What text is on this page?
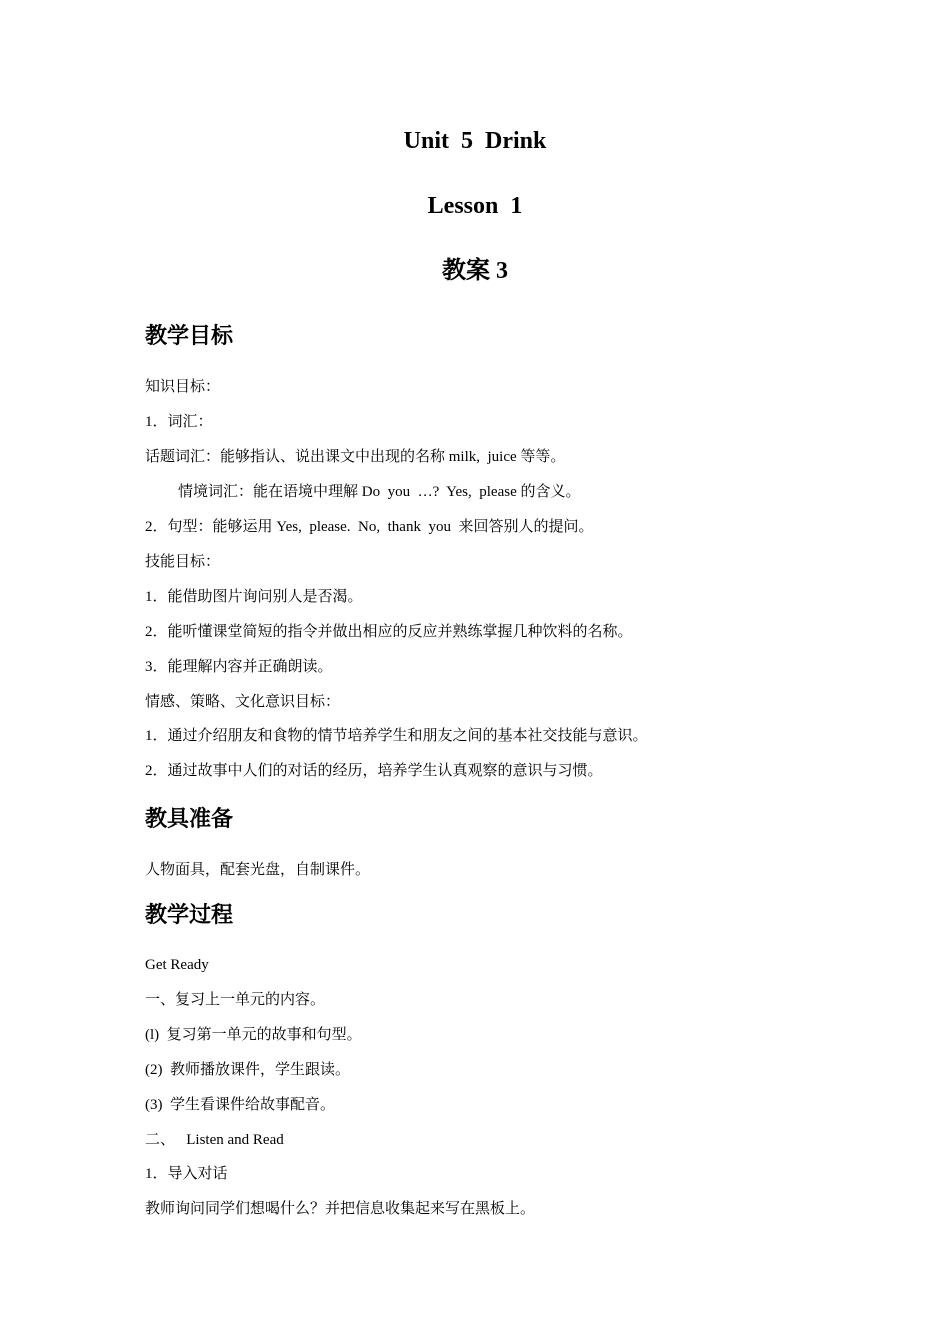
Unit  5  Drink
Lesson  1
教案 3
教学目标
知识目标：
1．词汇：
话题词汇：能够指认、说出课文中出现的名称 milk,  juice 等等。
情境词汇：能在语境中理解 Do  you  …?  Yes,  please 的含义。
2．句型：能够运用 Yes,  please.  No,  thank  you  来回答别人的提问。
技能目标：
1．能借助图片询问别人是否渴。
2．能听懂课堂简短的指令并做出相应的反应并熟练掌握几种饮料的名称。
3．能理解内容并正确朗读。
情感、策略、文化意识目标：
1．通过介绍朋友和食物的情节培养学生和朋友之间的基本社交技能与意识。
2．通过故事中人们的对话的经历，培养学生认真观察的意识与习惯。
教具准备
人物面具，配套光盘，自制课件。
教学过程
Get Ready
一、复习上一单元的内容。
(l)  复习第一单元的故事和句型。
(2)  教师播放课件，学生跟读。
(3)  学生看课件给故事配音。
二、   Listen and Read
1．导入对话
教师询问同学们想喝什么？并把信息收集起来写在黑板上。
